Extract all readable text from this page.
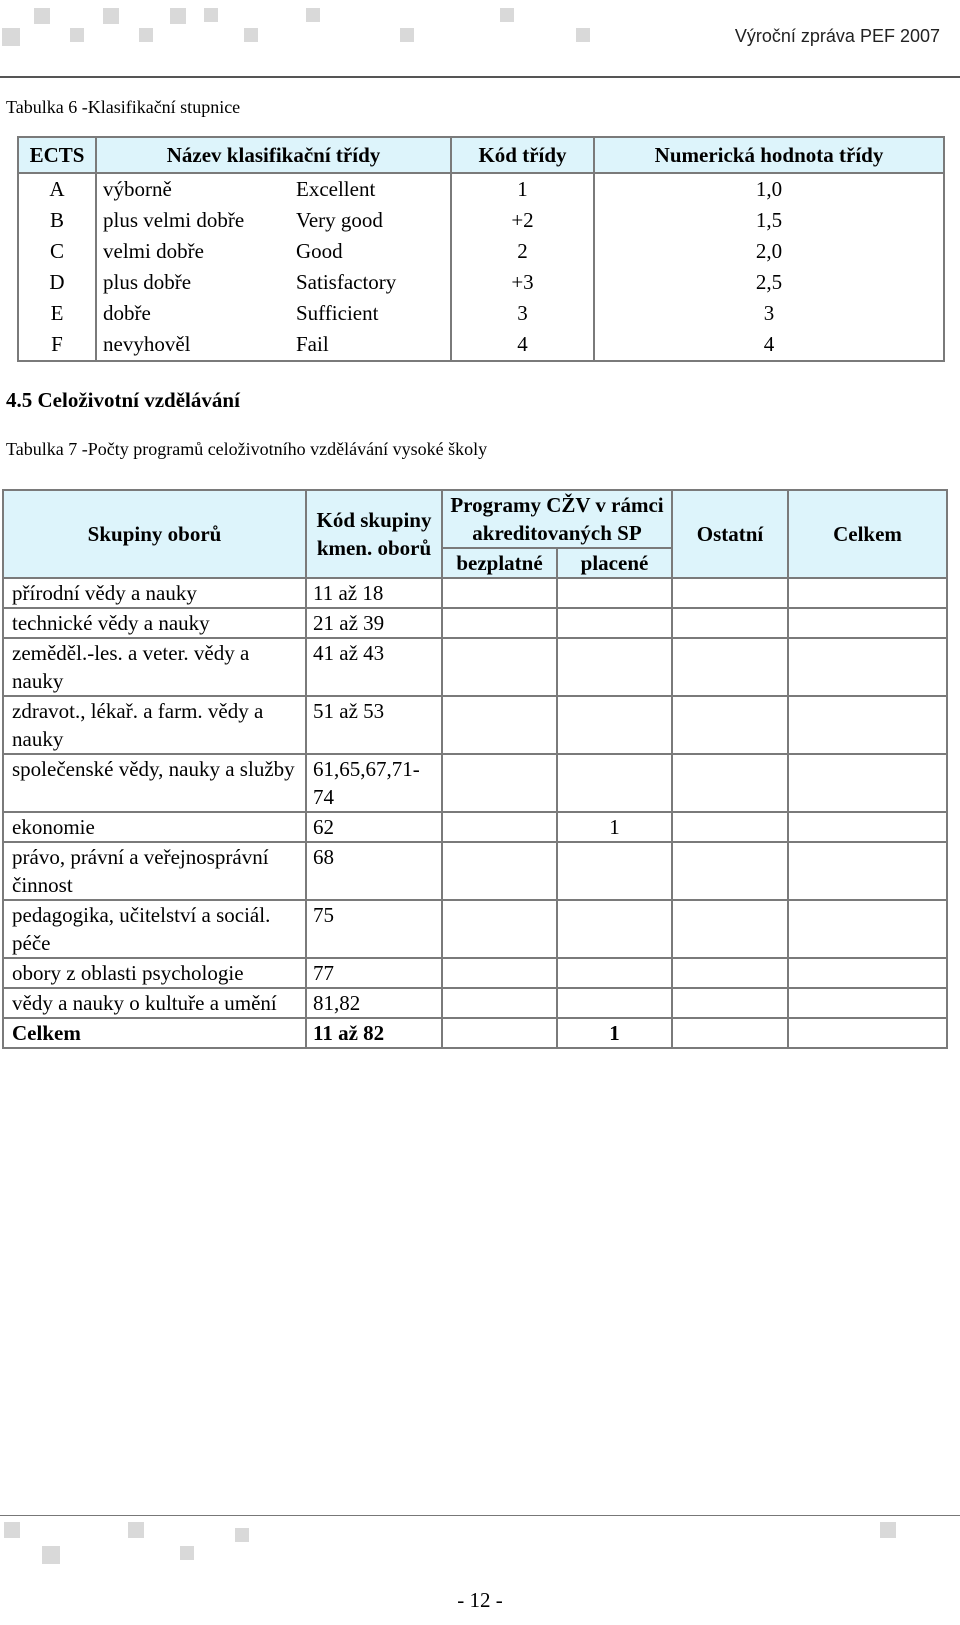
Výroční zpráva PEF 2007
Tabulka 6 -Klasifikační stupnice
ECTS	Název klasifikační třídy		Kód třídy	Numerická hodnota třídy
A	výborně	Excellent	1	1,0
B	plus velmi dobře	Very good	+2	1,5
C	velmi dobře	Good	2	2,0
D	plus dobře	Satisfactory	+3	2,5
E	dobře	Sufficient	3	3
F	nevyhověl	Fail	4	4
4.5 Celoživotní vzdělávání
Tabulka 7 -Počty programů celoživotního vzdělávání vysoké školy
Skupiny oborů	Kód skupiny kmen. oborů	Programy CŽV v rámci akreditovaných SP		Ostatní	Celkem
		bezplatné	placené		
přírodní vědy a nauky	11 až 18				
technické vědy a nauky	21 až 39				
zeměděl.-les. a veter. vědy a nauky	41 až 43				
zdravot., lékař. a farm. vědy a nauky	51 až 53				
společenské vědy, nauky a služby	61,65,67,71-74				
ekonomie	62		1		
právo, právní a veřejnosprávní činnost	68				
pedagogika, učitelství a sociál. péče	75				
obory z oblasti psychologie	77				
vědy a nauky o kultuře a umění	81,82				
Celkem	11 až 82		1		
- 12 -
